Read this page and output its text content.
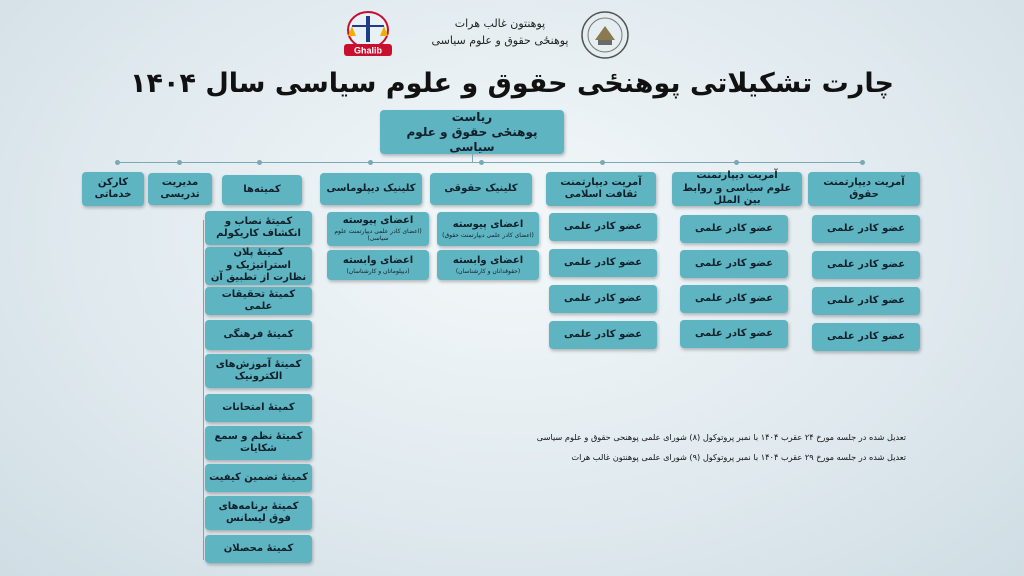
Ghalib
پوهنتون غالب هرات
پوهنځی حقوق و علوم سیاسی
چارت تشکیلاتی پوهنځی حقوق و علوم سیاسی سال ۱۴۰۴
ریاست
پوهنځی حقوق و علوم سیاسی
آمریت دیپارتمنت
حقوق
عضو کادر علمی
عضو کادر علمی
عضو کادر علمی
عضو کادر علمی
آمریت دیپارتمنت
علوم سیاسی و روابط بین الملل
عضو کادر علمی
عضو کادر علمی
عضو کادر علمی
عضو کادر علمی
آمریت دیپارتمنت
ثقافت اسلامی
عضو کادر علمی
عضو کادر علمی
عضو کادر علمی
عضو کادر علمی
کلینیک حقوقی
اعضای پیوسته
(اعضای کادر علمی دیپارتمنت حقوق)
اعضای وابسته
(حقوقدانان و کارشناسان)
کلینیک دیپلوماسی
اعضای پیوسته
(اعضای کادر علمی دیپارتمنت علوم سیاسی)
اعضای وابسته
(دیپلوماتان و کارشناسان)
کمیته‌ها
کمیتهٔ نصاب و انکشاف کاریکولم
کمیتهٔ پلان استراتیژیک و نظارت از تطبیق آن
کمیتهٔ تحقیقات علمی
کمیتهٔ فرهنگی
کمیتهٔ آموزش‌های الکترونیک
کمیتهٔ امتحانات
کمیتهٔ نظم و سمع شکایات
کمیتهٔ تضمین کیفیت
کمیتهٔ برنامه‌های فوق لیسانس
کمیتهٔ محصلان
مدیریت
تدریسی
کارکن
خدماتی
تعدیل شده در جلسه مورخ ۲۴ عقرب ۱۴۰۴ با نمبر پروتوکول (۸) شورای علمی پوهنحی حقوق و علوم سیاسی
تعدیل شده در جلسه مورخ ۲۹ عقرب ۱۴۰۴ با نمبر پروتوکول (۹) شورای علمی پوهنتون غالب هرات
